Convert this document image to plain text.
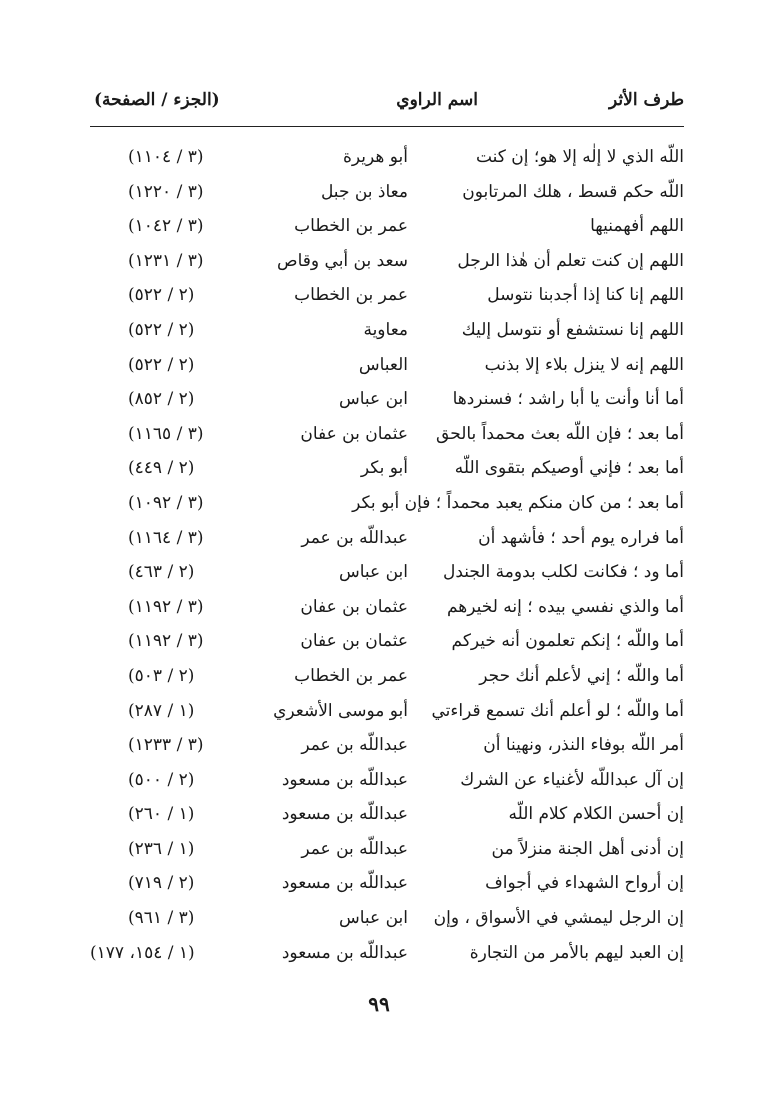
طرف الأثر
اسم الراوي
(الجزء / الصفحة)
اللّه الذي لا إلٰه إلا هو؛ إن كنت
أبو هريرة
(٣ / ١١٠٤)
اللّه حكم قسط ، هلك المرتابون
معاذ بن جبل
(٣ / ١٢٢٠)
اللهم أفهمنيها
عمر بن الخطاب
(٣ / ١٠٤٢)
اللهم إن كنت تعلم أن هٰذا الرجل
سعد بن أبي وقاص
(٣ / ١٢٣١)
اللهم إنا كنا إذا أجدبنا نتوسل
عمر بن الخطاب
(٢ / ٥٢٢)
اللهم إنا نستشفع أو نتوسل إليك
معاوية
(٢ / ٥٢٢)
اللهم إنه لا ينزل بلاء إلا بذنب
العباس
(٢ / ٥٢٢)
أما أنا وأنت يا أبا راشد ؛ فسنردها
ابن عباس
(٢ / ٨٥٢)
أما بعد ؛ فإن اللّه بعث محمداً بالحق
عثمان بن عفان
(٣ / ١١٦٥)
أما بعد ؛ فإني أوصيكم بتقوى اللّه
أبو بكر
(٢ / ٤٤٩)
أما بعد ؛ من كان منكم يعبد محمداً ؛ فإن أبو بكر
(٣ / ١٠٩٢)
أما فراره يوم أحد ؛ فأشهد أن
عبداللّه بن عمر
(٣ / ١١٦٤)
أما ود ؛ فكانت لكلب بدومة الجندل
ابن عباس
(٢ / ٤٦٣)
أما والذي نفسي بيده ؛ إنه لخيرهم
عثمان بن عفان
(٣ / ١١٩٢)
أما واللّه ؛ إنكم تعلمون أنه خيركم
عثمان بن عفان
(٣ / ١١٩٢)
أما واللّه ؛ إني لأعلم أنك حجر
عمر بن الخطاب
(٢ / ٥٠٣)
أما واللّه ؛ لو أعلم أنك تسمع قراءتي
أبو موسى الأشعري
(١ / ٢٨٧)
أمر اللّه بوفاء النذر، ونهينا أن
عبداللّه بن عمر
(٣ / ١٢٣٣)
إن آل عبداللّه لأغنياء عن الشرك
عبداللّه بن مسعود
(٢ / ٥٠٠)
إن أحسن الكلام كلام اللّه
عبداللّه بن مسعود
(١ / ٢٦٠)
إن أدنى أهل الجنة منزلاً من
عبداللّه بن عمر
(١ / ٢٣٦)
إن أرواح الشهداء في أجواف
عبداللّه بن مسعود
(٢ / ٧١٩)
إن الرجل ليمشي في الأسواق ، وإن
ابن عباس
(٣ / ٩٦١)
إن العبد ليهم بالأمر من التجارة
عبداللّه بن مسعود
(١ / ١٥٤، ١٧٧)
٩٩
